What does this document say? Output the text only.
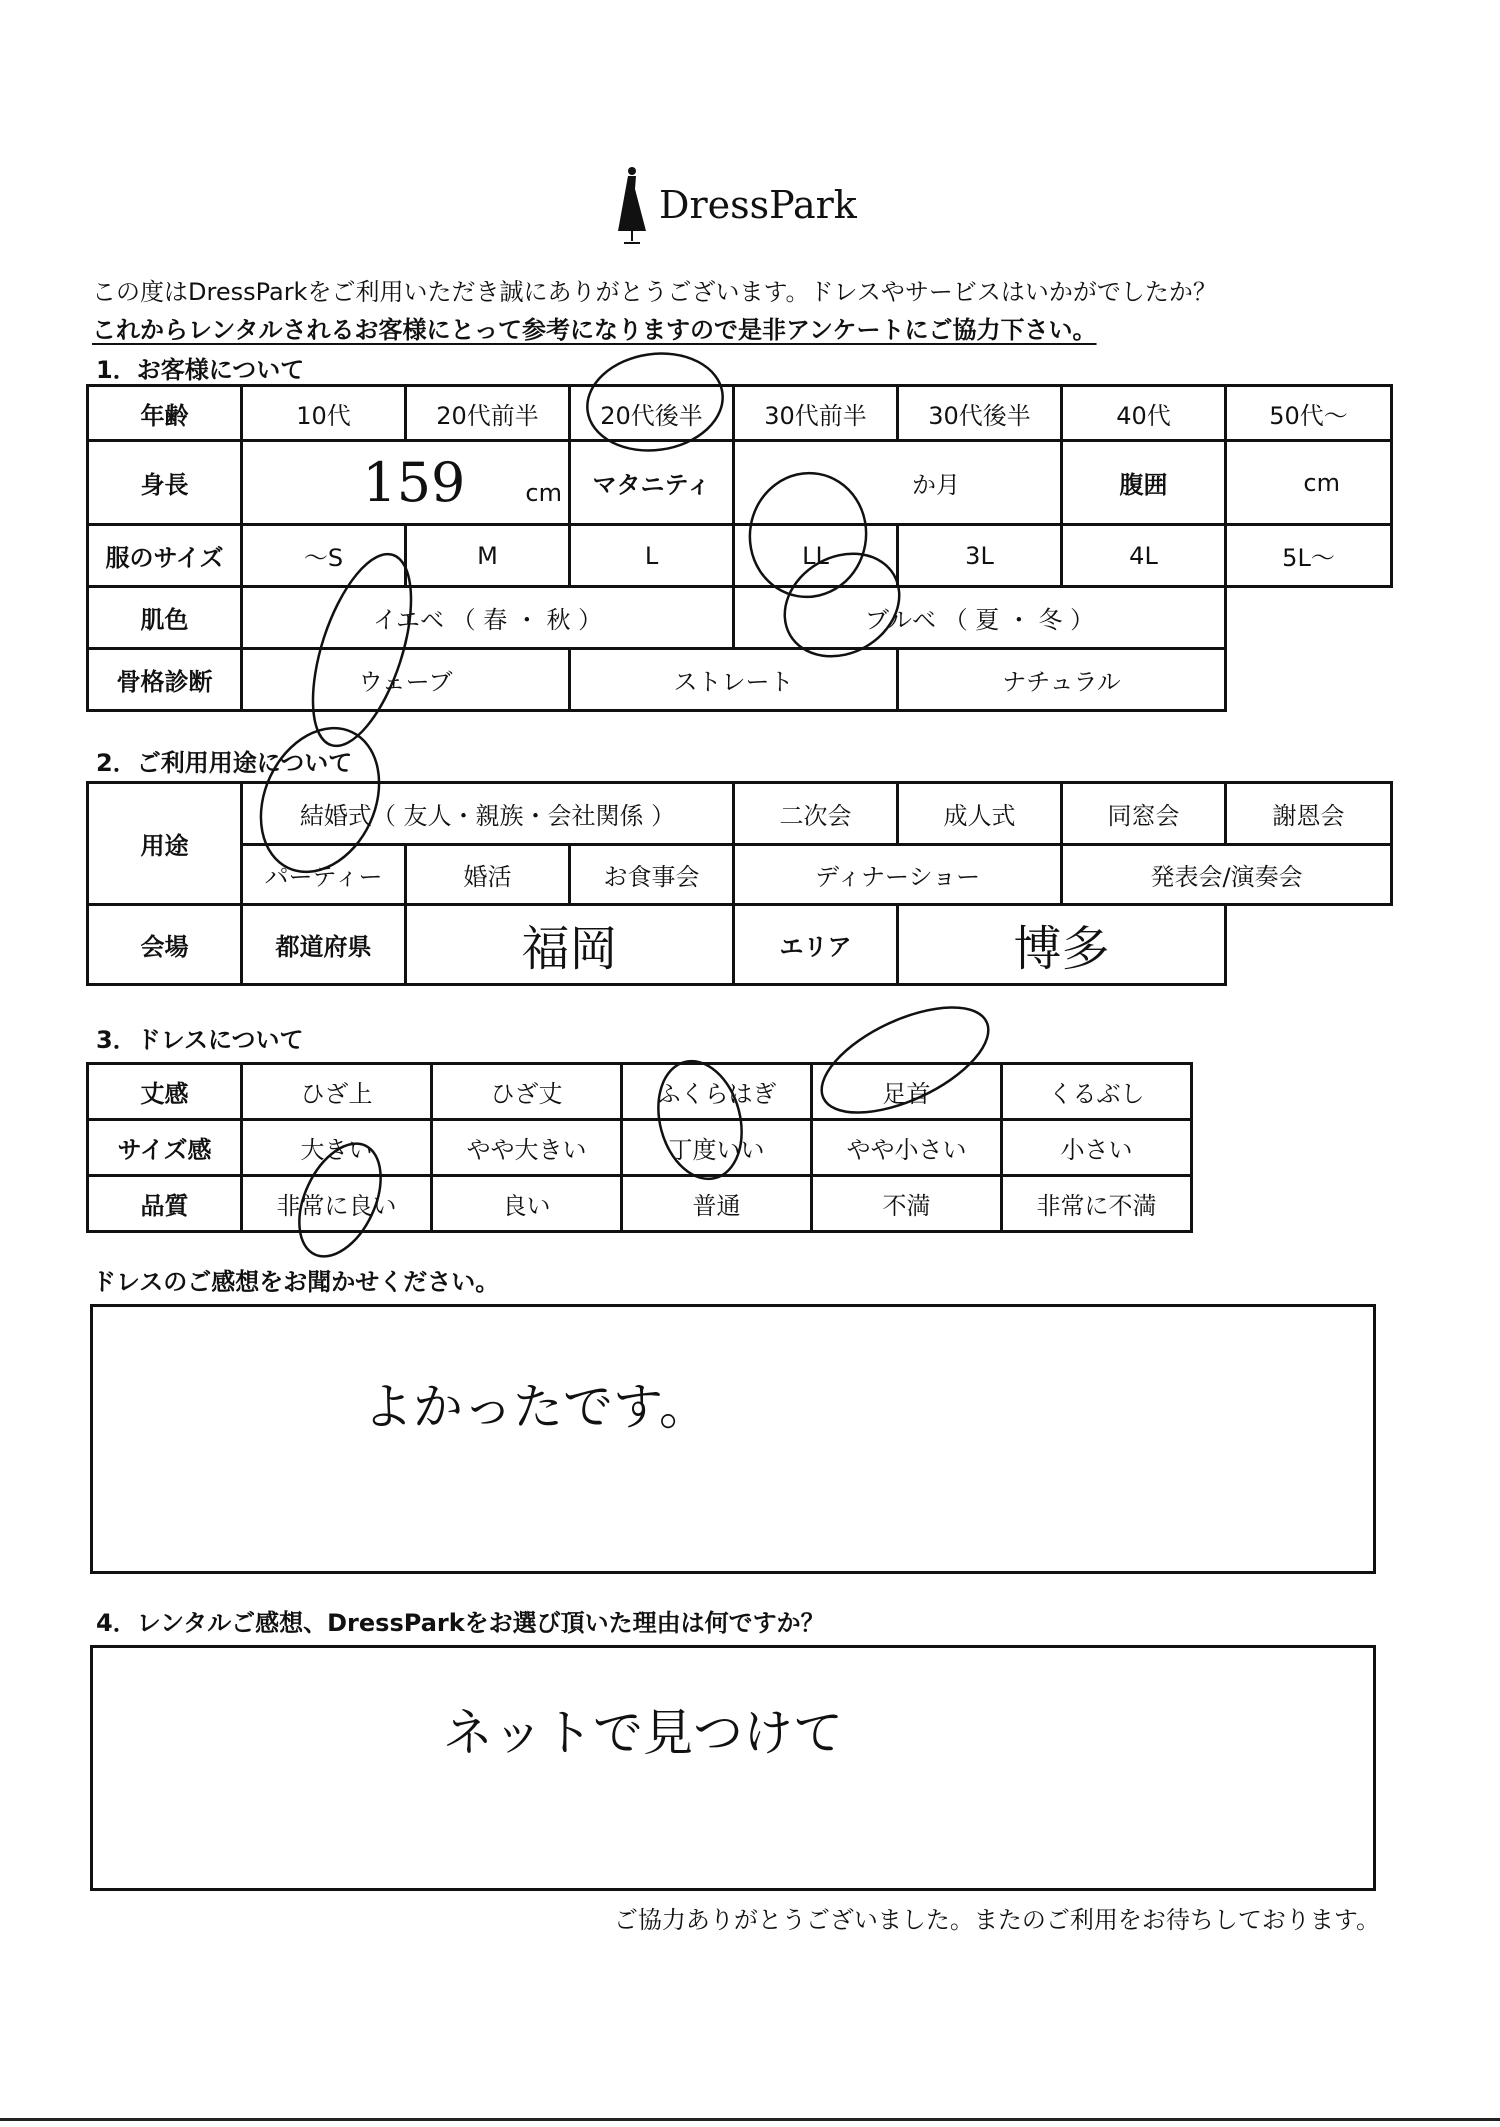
DressPark
この度はDressParkをご利用いただき誠にありがとうございます。ドレスやサービスはいかがでしたか？
これからレンタルされるお客様にとって参考になりますので是非アンケートにご協力下さい。
1．お客様について
年齢	10代	20代前半	20代後半	30代前半	30代後半	40代	50代～
身長	159 cm		マタニティ	か月		腹囲	cm
服のサイズ	～S	M	L	LL	3L	4L	5L～
肌色	イエベ （ 春 ・ 秋 ）			ブルベ （ 夏 ・ 冬 ）			
骨格診断	ウェーブ		ストレート		ナチュラル		
2．ご利用用途について
用途	結婚式（ 友人・親族・会社関係 ）			二次会	成人式	同窓会	謝恩会
	パーティー	婚活	お食事会	ディナーショー		発表会/演奏会	
会場	都道府県	福岡		エリア	博多		
3．ドレスについて
丈感	ひざ上	ひざ丈	ふくらはぎ	足首	くるぶし
サイズ感	大きい	やや大きい	丁度いい	やや小さい	小さい
品質	非常に良い	良い	普通	不満	非常に不満
ドレスのご感想をお聞かせください。
よかったです。
4．レンタルご感想、DressParkをお選び頂いた理由は何ですか？
ネットで見つけて
ご協力ありがとうございました。またのご利用をお待ちしております。
